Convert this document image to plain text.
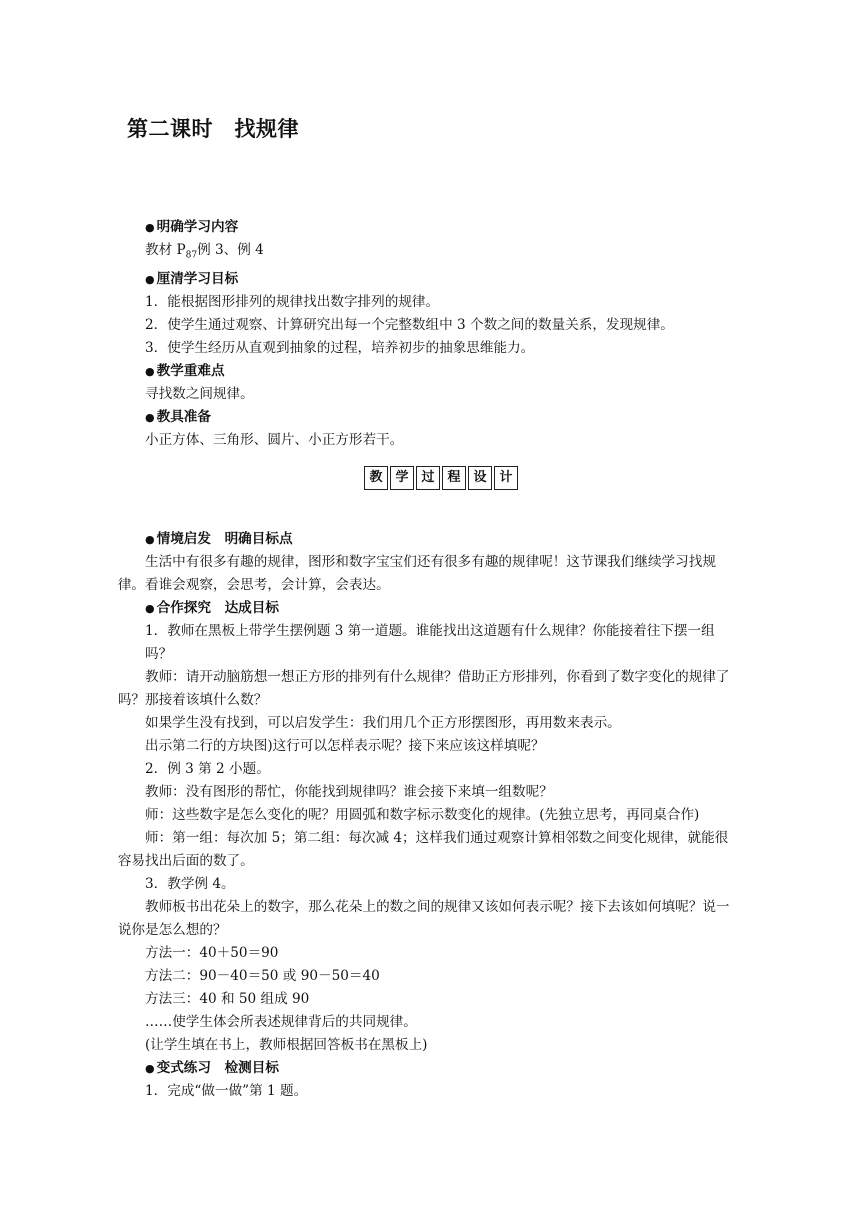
第二课时　找规律

● 明确学习内容

教材 $P_{87}$例 3、例 4

● 厘清学习目标

1．能根据图形排列的规律找出数字排列的规律。

2．使学生通过观察、计算研究出每一个完整数组中 3 个数之间的数量关系，发现规律。

3．使学生经历从直观到抽象的过程，培养初步的抽象思维能力。

● 教学重难点

寻找数之间规律。

● 教具准备

小正方体、三角形、圆片、小正方形若干。

教 学 过 程 设 计

● 情境启发　明确目标点

生活中有很多有趣的规律，图形和数字宝宝们还有很多有趣的规律呢！这节课我们继续学习找规律。看谁会观察，会思考，会计算，会表达。

● 合作探究　达成目标

1．教师在黑板上带学生摆例题 3 第一道题。谁能找出这道题有什么规律？你能接着往下摆一组吗？

教师：请开动脑筋想一想正方形的排列有什么规律？借助正方形排列，你看到了数字变化的规律了吗？那接着该填什么数？

如果学生没有找到，可以启发学生：我们用几个正方形摆图形，再用数来表示。

出示第二行的方块图)这行可以怎样表示呢？接下来应该这样填呢？

2．例 3 第 2 小题。

教师：没有图形的帮忙，你能找到规律吗？谁会接下来填一组数呢？

师：这些数字是怎么变化的呢？用圆弧和数字标示数变化的规律。(先独立思考，再同桌合作)

师：第一组：每次加 5；第二组：每次减 4；这样我们通过观察计算相邻数之间变化规律，就能很容易找出后面的数了。

3．教学例 4。

教师板书出花朵上的数字，那么花朵上的数之间的规律又该如何表示呢？接下去该如何填呢？说一说你是怎么想的？

方法一：40＋50＝90

方法二：90－40＝50 或 90－50＝40

方法三：40 和 50 组成 90

……使学生体会所表述规律背后的共同规律。

(让学生填在书上，教师根据回答板书在黑板上)

● 变式练习　检测目标

1．完成“做一做”第 1 题。
